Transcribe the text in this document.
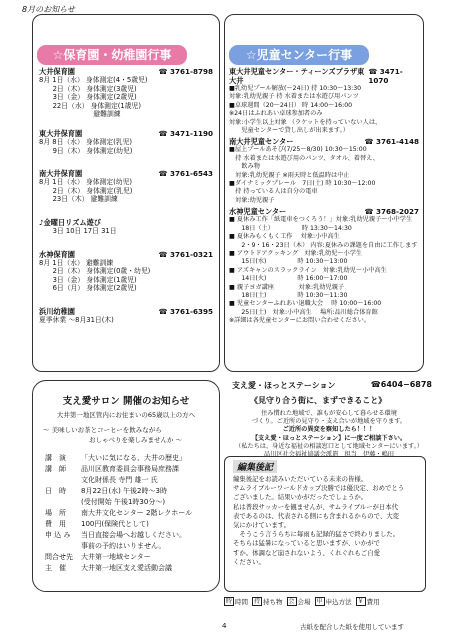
8月のお知らせ
☆保育園・幼稚園行事
大井保育園	☎ 3761-8798
8月 1日（水） 身体測定(4・5歳児)
　　2日（木） 身体測定(3歳児)
　　3日（金） 身体測定(2歳児)
　　22日（水） 身体測定(1歳児)
　　　　　　　　避難訓練
東大井保育園	☎ 3471-1190
8月 8日（水） 身体測定(乳児)
　　9日（木） 身体測定(幼児)
南大井保育園	☎ 3761-6543
8月 1日（水） 身体測定(幼児)
　　2日（木） 身体測定(乳児)
　　23日（木） 避難訓練
♪金曜日リズム遊び
　　3日 10日 17日 31日
水神保育園	☎ 3761-0321
8月 1日（水） 避難訓練
　　2日（木） 身体測定(0歳・幼児)
　　3日（金） 身体測定(1歳児)
　　6日（月） 身体測定(2歳児)
浜川幼稚園	☎ 3761-6395
夏季休業 〜8月31日(木)
☆児童センター行事
東大井児童センター・ティーンズプラザ東大井
☎ 3471-1070
■乳幼児プール解放(〜24日) 持 10:30〜13:30
対象:乳幼児親子 持 水着または水遊び用パンツ
■卓球週間（20〜24日） 時 14:00〜16:00
※24日はふれあい卓球参加者のみ
対象:小学生以上対象 （ラケットを持っていない人は、
　　児童センターで貸し出しが出来ます。）
南大井児童センター	☎ 3761-4148
■屋上プールあそび(7/25〜8/30) 10:30〜15:00
　持 水着または水遊び用のパンツ、タオル、着替え、
　　飲み物
　対象:乳幼児親子 ※雨天時と低温時は中止
■ダイナミックプレール　7日(土) 時 10:30〜12:00
　持 持っている人は自分の電車
　対象:幼児親子
水神児童センター	☎ 3768-2027
■ 夏休み工作「紙電車をつくろう！」対象:乳幼児親子〜小中学生
　　18日（土）　　　　　時 13:30〜14:30
■ 夏休みもくもく工作　 対象:小中高生
　　2・9・16・23日（木） 内容:夏休みの課題を自由に工作します
■ アウトドアクッキング　対象:乳幼児〜小学生
　　15日(水)　　　　　時 10:30〜13:00
■ アズキャンのスラックライン　対象:乳幼児〜小中高生
　　14日(火)　　　　　時 16:00〜17:00
■ 親子ヨガ講座　　　　対象:乳幼児親子
　　18日(土)　　　　　時 10:30〜11:30
■ 児童センターふれあい退職大会　 時 10:00〜16:00
　　25日(土)　対象:小中高生　 場所:品川総合体育館
※詳細は各児童センターにお問い合わせください。
支え愛サロン 開催のお知らせ
大井第一地区管内にお住まいの65歳以上の方へ
〜 美味しいお茶とコーヒーを飲みながら
おしゃべりを楽しみませんか 〜
講　演	「大いに気になる、大井の歴史」
講　師	品川区教育委員会事務局庶務課
文化財係長 寺門 雄一 氏
日　時	8月22日(水) 午後2時〜3時
(受付開始 午後1時30分〜)
場　所	南大井文化センター 2階レクホール
費　用	100円(保険代として)
申 込 み	当日直接会場へお越しください。
事前の予約はいりません。
問合せ先	大井第一地域センター
主　催	大井第一地区支え愛活動会議
支え愛・ほっとステーション	☎6404−6878
《見守り合う街に、まずできること》
住み慣れた地域で、誰もが安心して暮らせる環境
づくり。ご近所の見守り・支え合いが地域を守ります。
ご近所の異変を察知したら！！！
【支え愛・ほっとステーション】に一度ご相談下さい。
（私たちは、身近な福祉の相談窓口として地域センターにいます。）
品川区社会福祉協議会派遣　担当　伊藤・嶋田
編集後記
編集後記をお読みいただいている未来の皆様。
サムライブルーワールドカップ決勝では優決定、おめでとう
ございました。結果いかがだったでしょうか。
私は普段サッカーを観ませんが、サムライブルーが日本代
表であるのは、代表される側にも含まれるからので、大変
気にかけています。
　そうこう言うらちに毎雨も記録的猛さで終わりました。
そちらは猛暑になっていると思いますが、いかがで
すか。体調など崩されないよう、くれぐれもご自愛
ください。
時 時間	持 持ち物	会 会場	申 申込方法	￥ 費用
4	古紙を配合した紙を使用しています
